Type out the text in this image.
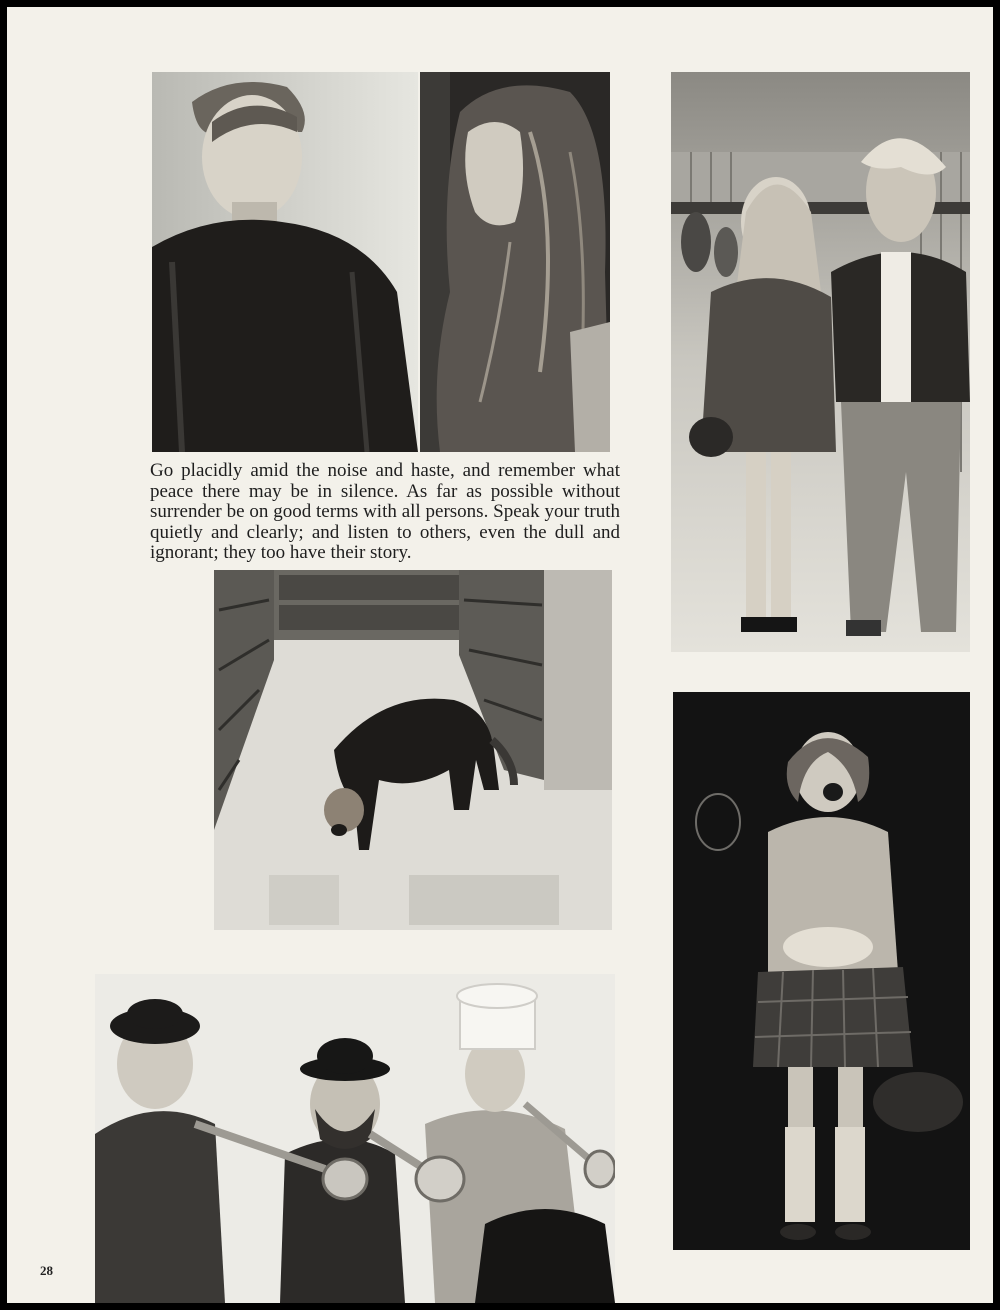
Go placidly amid the noise and haste, and remember what peace there may be in silence. As far as possible without surrender be on good terms with all persons. Speak your truth quietly and clearly; and listen to others, even the dull and ignorant; they too have their story.

28
